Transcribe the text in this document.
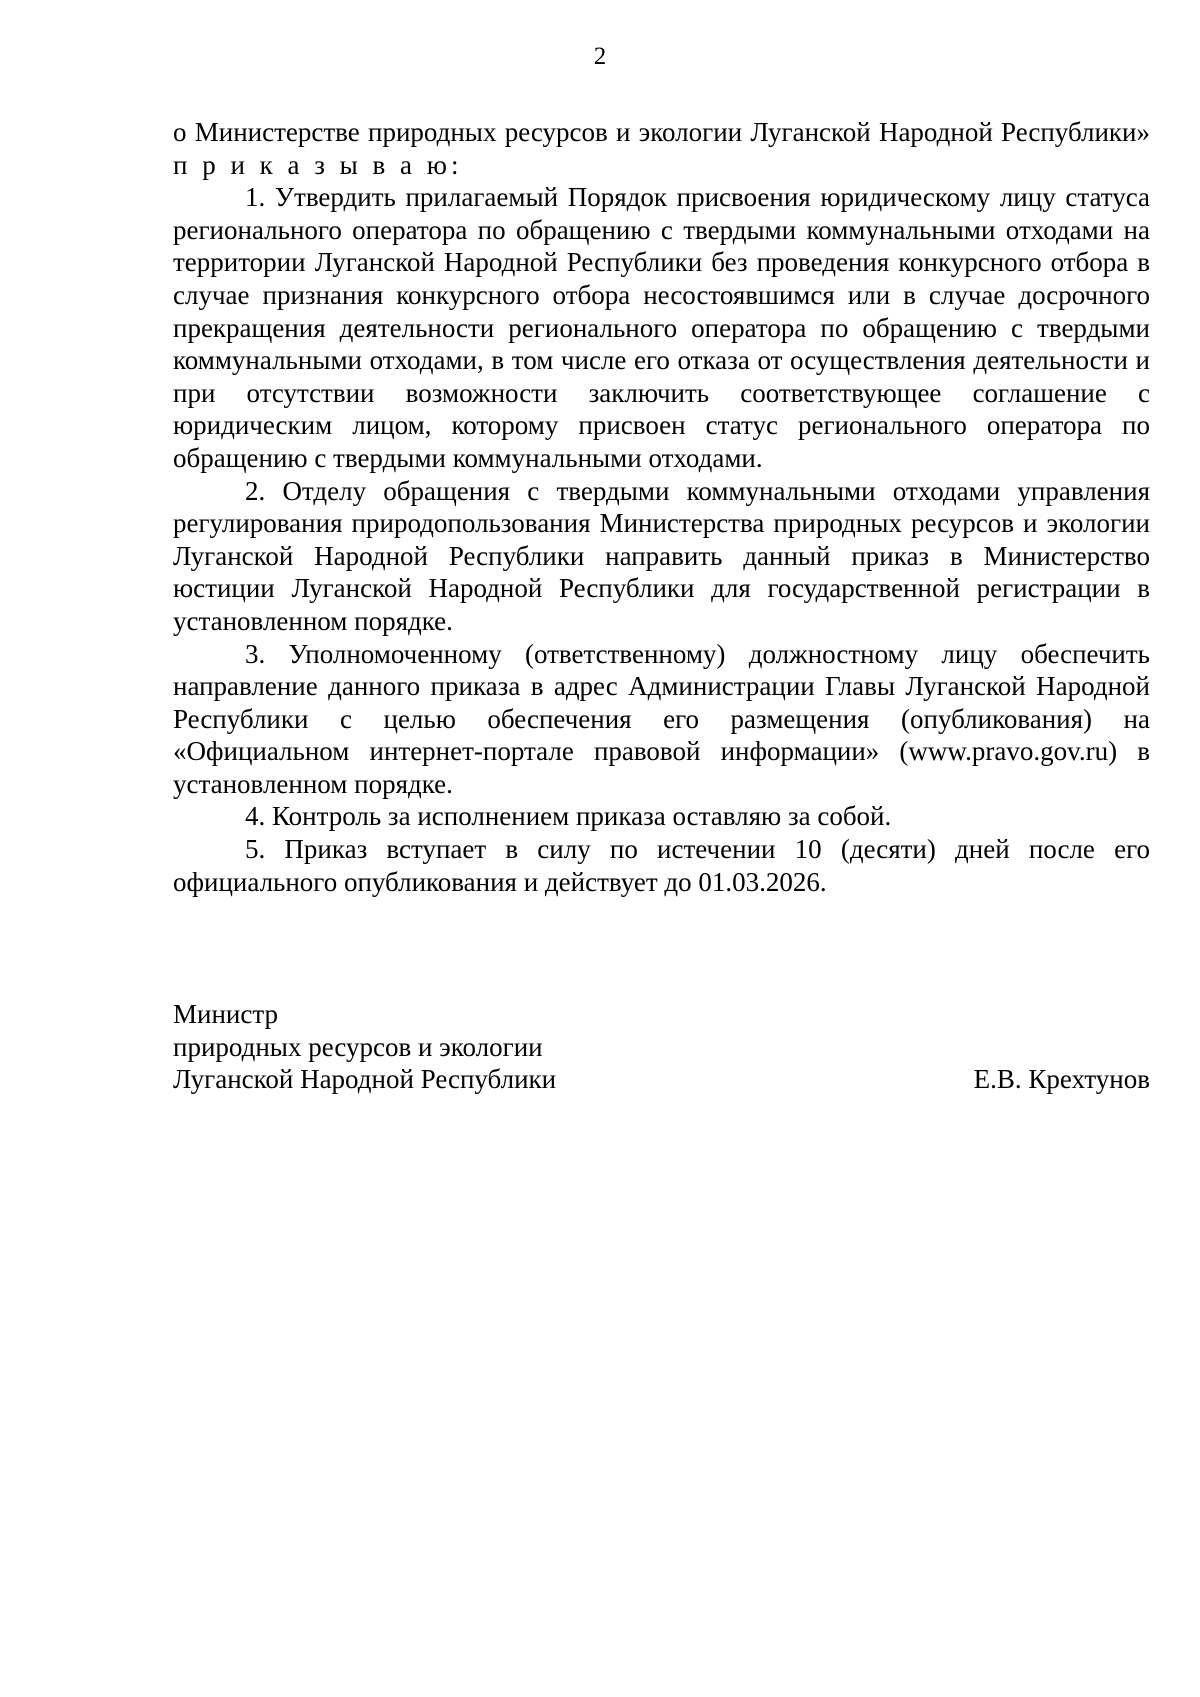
2

о Министерстве природных ресурсов и экологии Луганской Народной Республики» п р и к а з ы в а ю:

1. Утвердить прилагаемый Порядок присвоения юридическому лицу статуса регионального оператора по обращению с твердыми коммунальными отходами на территории Луганской Народной Республики без проведения конкурсного отбора в случае признания конкурсного отбора несостоявшимся или в случае досрочного прекращения деятельности регионального оператора по обращению с твердыми коммунальными отходами, в том числе его отказа от осуществления деятельности и при отсутствии возможности заключить соответствующее соглашение с юридическим лицом, которому присвоен статус регионального оператора по обращению с твердыми коммунальными отходами.

2. Отделу обращения с твердыми коммунальными отходами управления регулирования природопользования Министерства природных ресурсов и экологии Луганской Народной Республики направить данный приказ в Министерство юстиции Луганской Народной Республики для государственной регистрации в установленном порядке.

3. Уполномоченному (ответственному) должностному лицу обеспечить направление данного приказа в адрес Администрации Главы Луганской Народной Республики с целью обеспечения его размещения (опубликования) на «Официальном интернет-портале правовой информации» (www.pravo.gov.ru) в установленном порядке.

4. Контроль за исполнением приказа оставляю за собой.

5. Приказ вступает в силу по истечении 10 (десяти) дней после его официального опубликования и действует до 01.03.2026.

Министр
природных ресурсов и экологии
Луганской Народной Республики	Е.В. Крехтунов
